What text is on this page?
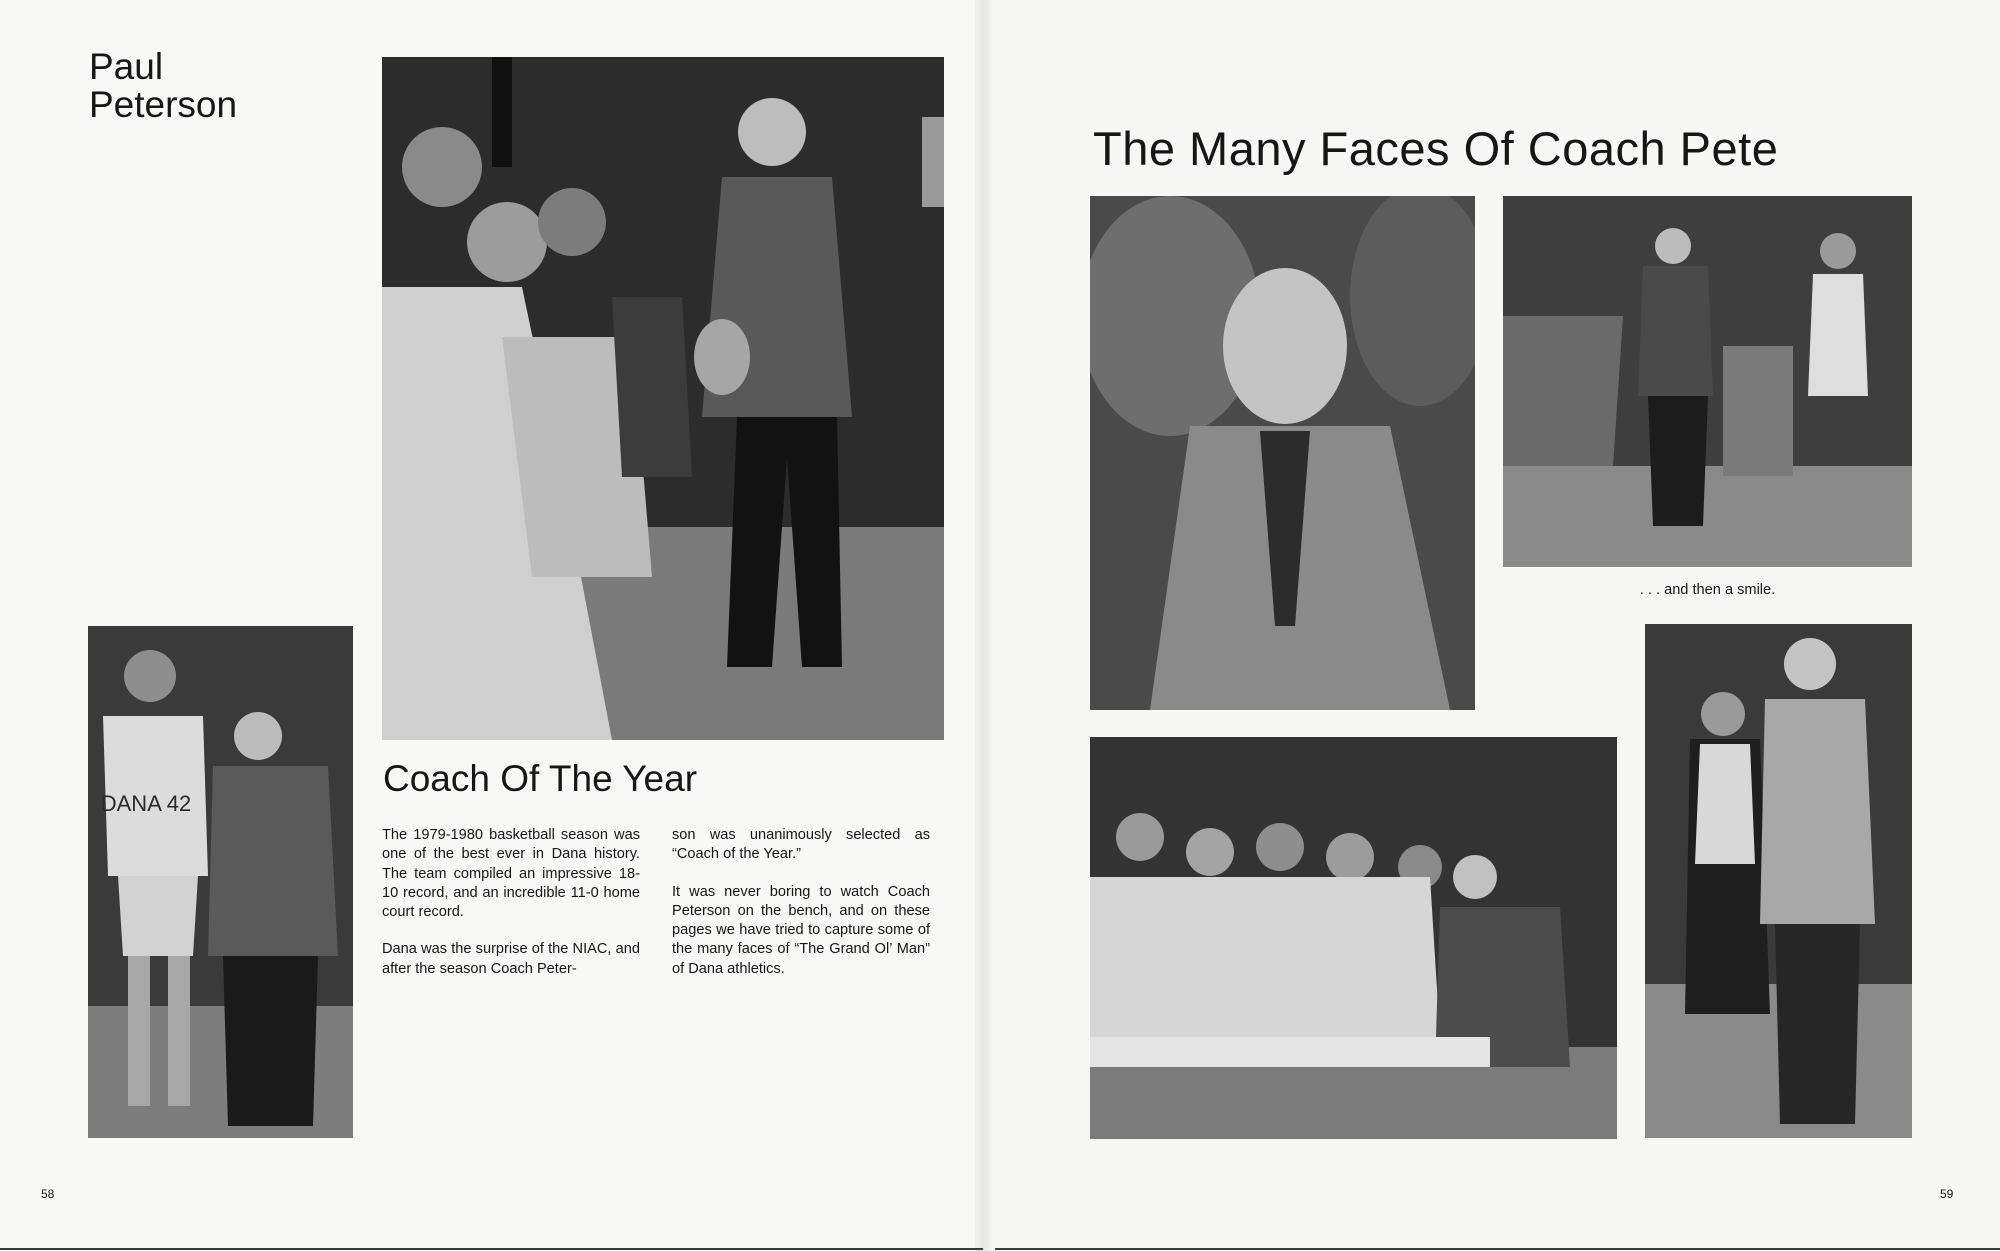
Paul Peterson
DANA 42
Coach Of The Year

The 1979-1980 basketball season was one of the best ever in Dana history. The team compiled an impressive 18-10 record, and an incredible 11-0 home court record.

Dana was the surprise of the NIAC, and after the season Coach Peter-

son was unanimously selected as “Coach of the Year.”

It was never boring to watch Coach Peterson on the bench, and on these pages we have tried to capture some of the many faces of “The Grand Ol’ Man” of Dana athletics.

58
The Many Faces Of Coach Pete
. . . and then a smile.
59
